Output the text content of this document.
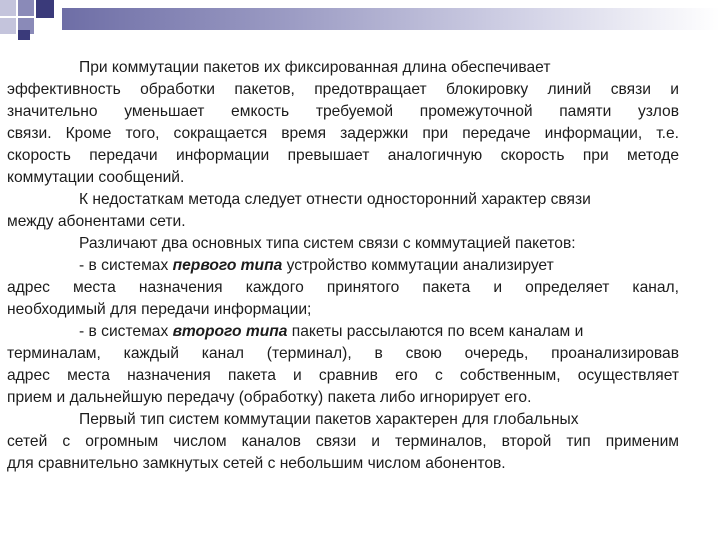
При коммутации пакетов их фиксированная длина обеспечивает
эффективность обработки пакетов, предотвращает блокировку линий связи и
значительно уменьшает емкость требуемой промежуточной памяти узлов
связи. Кроме того, сокращается время задержки при передаче информации, т.е.
скорость передачи информации превышает аналогичную скорость при методе
коммутации сообщений.
К недостаткам метода следует отнести односторонний характер связи
между абонентами сети.
Различают два основных типа систем связи с коммутацией пакетов:
- в системах первого типа устройство коммутации анализирует
адрес места назначения каждого принятого пакета и определяет канал,
необходимый для передачи информации;
- в системах второго типа пакеты рассылаются по всем каналам и
терминалам, каждый канал (терминал), в свою очередь, проанализировав
адрес места назначения пакета и сравнив его с собственным, осуществляет
прием и дальнейшую передачу (обработку) пакета либо игнорирует его.
Первый тип систем коммутации пакетов характерен для глобальных
сетей с огромным числом каналов связи и терминалов, второй тип применим
для сравнительно замкнутых сетей с небольшим числом абонентов.
